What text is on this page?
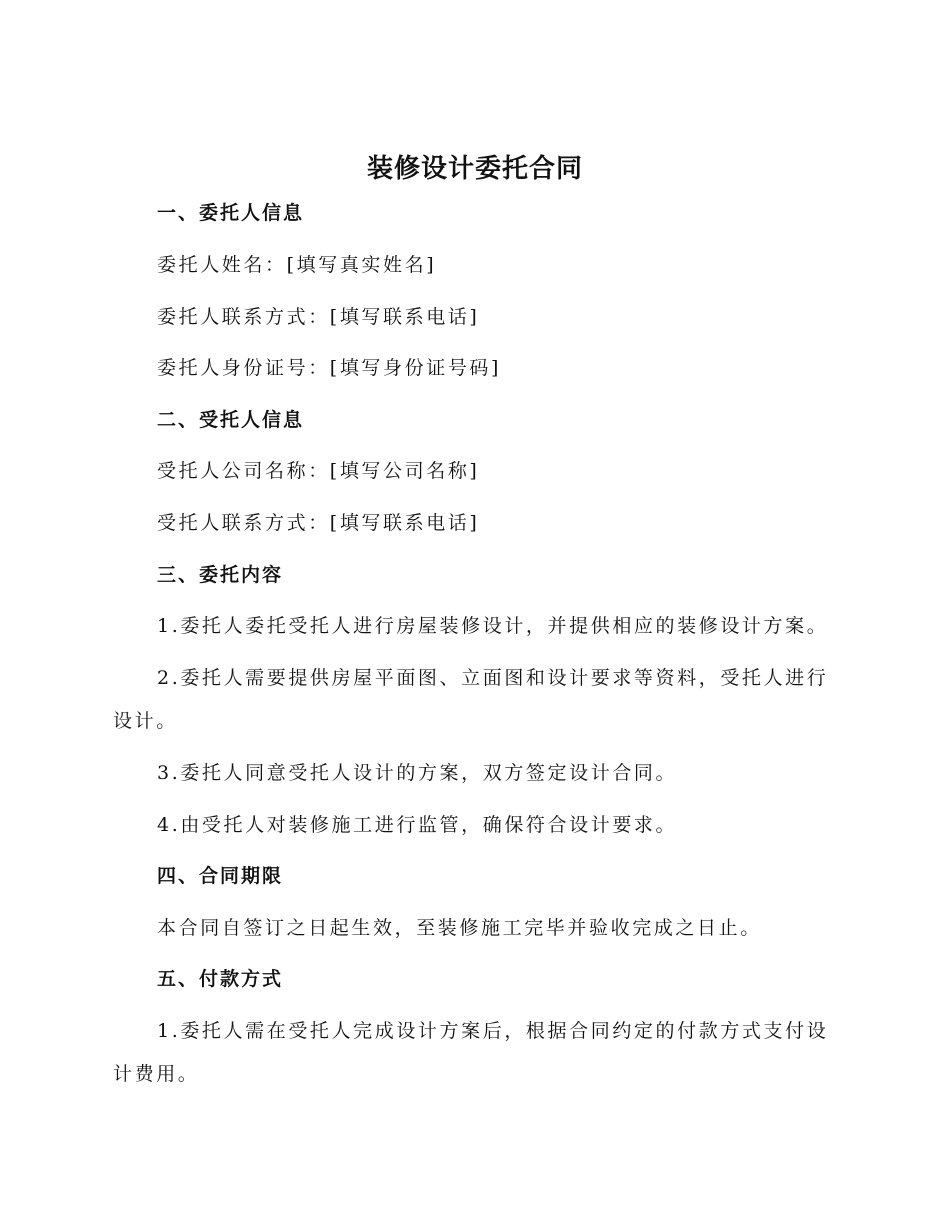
装修设计委托合同

一、委托人信息

委托人姓名：[填写真实姓名]

委托人联系方式：[填写联系电话]

委托人身份证号：[填写身份证号码]

二、受托人信息

受托人公司名称：[填写公司名称]

受托人联系方式：[填写联系电话]

三、委托内容

1.委托人委托受托人进行房屋装修设计，并提供相应的装修设计方案。

2.委托人需要提供房屋平面图、立面图和设计要求等资料，受托人进行

设计。

3.委托人同意受托人设计的方案，双方签定设计合同。

4.由受托人对装修施工进行监管，确保符合设计要求。

四、合同期限

本合同自签订之日起生效，至装修施工完毕并验收完成之日止。

五、付款方式

1.委托人需在受托人完成设计方案后，根据合同约定的付款方式支付设

计费用。
